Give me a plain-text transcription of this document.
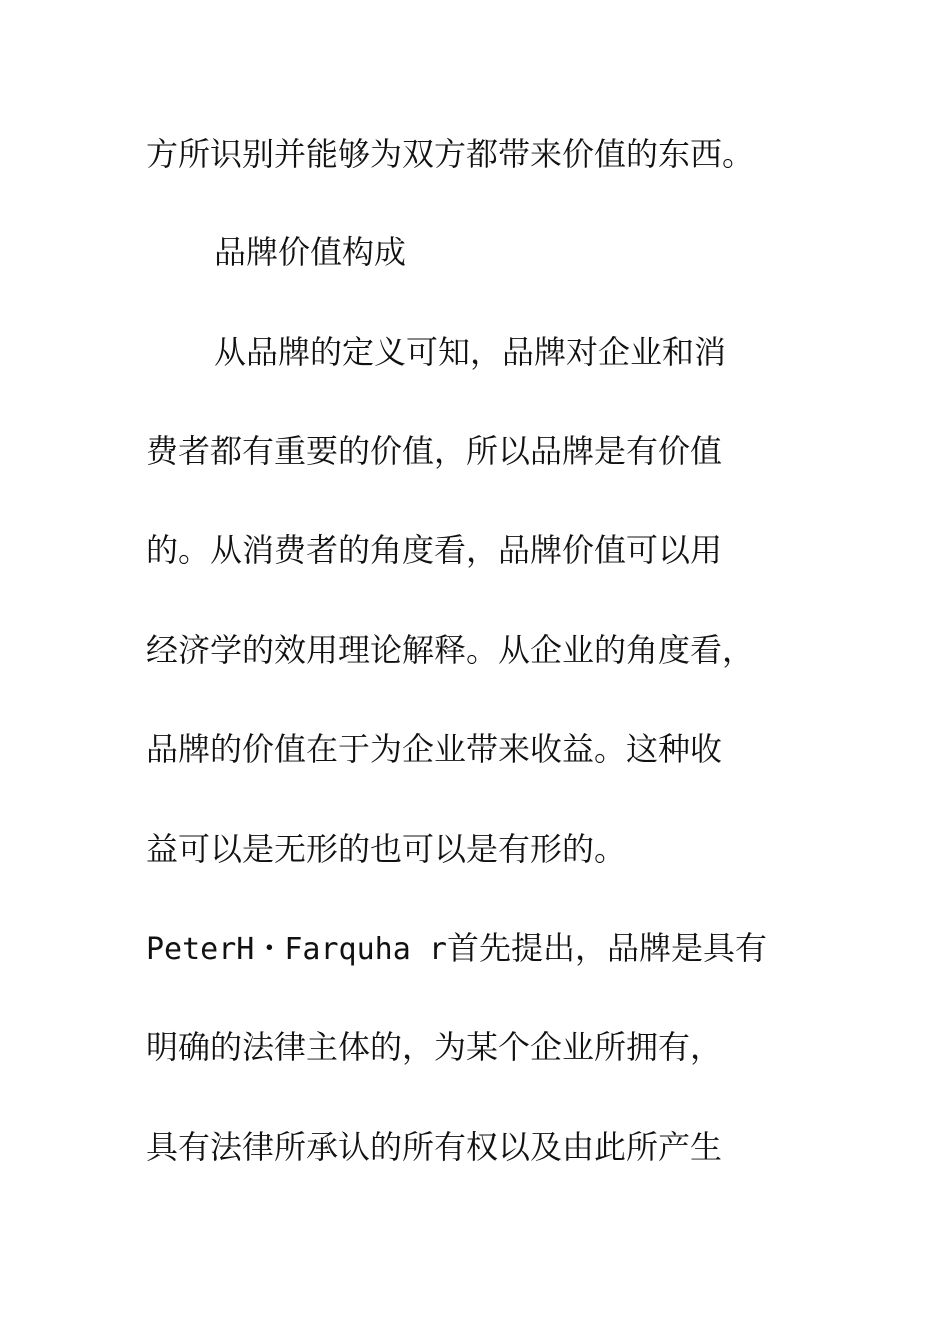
方所识别并能够为双方都带来价值的东西。
品牌价值构成
从品牌的定义可知，品牌对企业和消
费者都有重要的价值，所以品牌是有价值
的。从消费者的角度看，品牌价值可以用
经济学的效用理论解释。从企业的角度看，
品牌的价值在于为企业带来收益。这种收
益可以是无形的也可以是有形的。
PeterH・Farquha r首先提出，品牌是具有
明确的法律主体的，为某个企业所拥有，
具有法律所承认的所有权以及由此所产生
